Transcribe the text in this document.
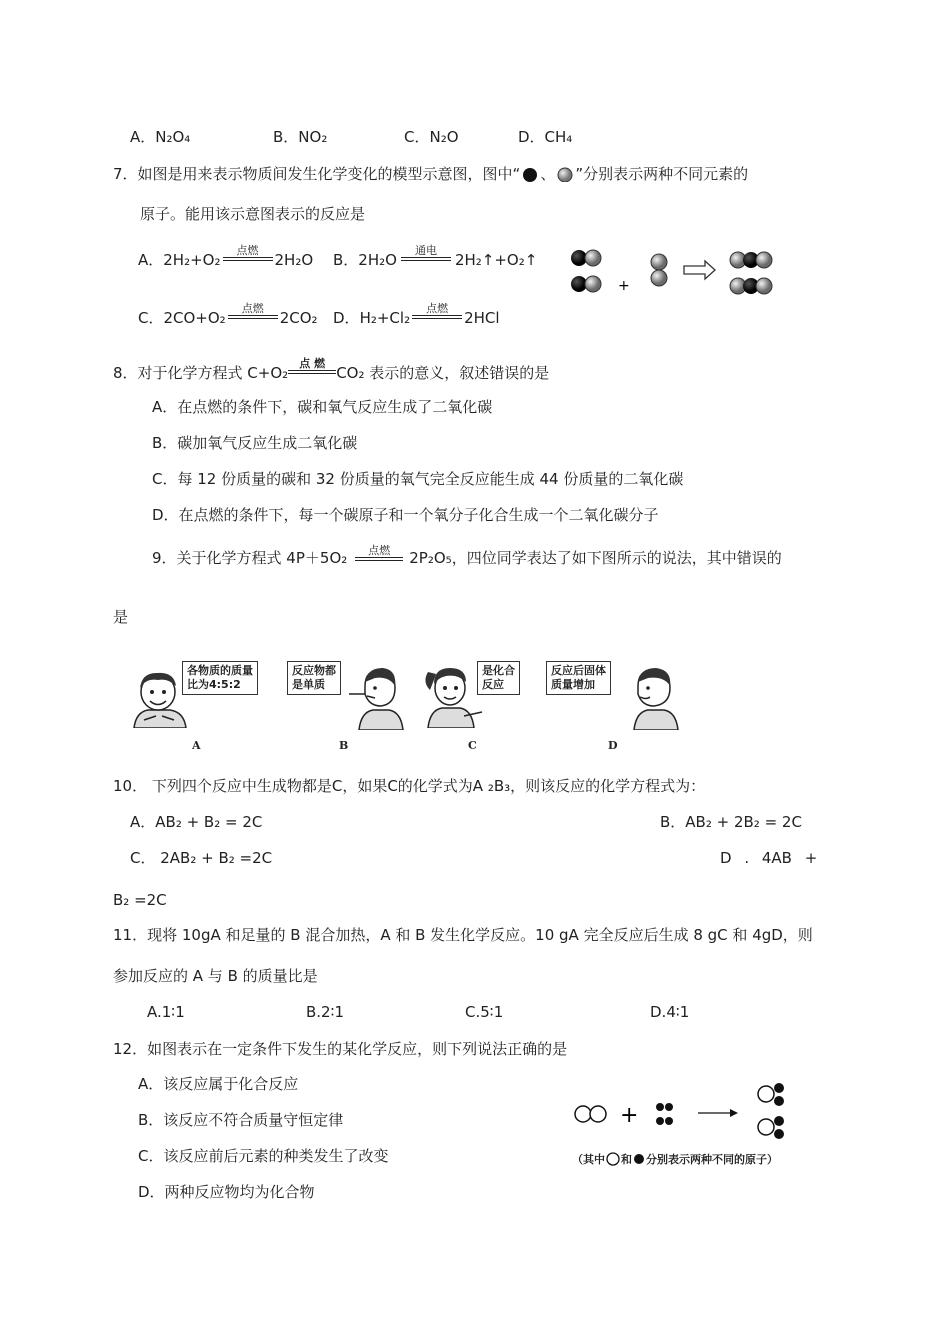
A．N₂O₄	B．NO₂	C．N₂O	D．CH₄
7．如图是用来表示物质间发生化学变化的模型示意图，图中“ 、 ”分别表示两种不同元素的
原子。能用该示意图表示的反应是
A．2H₂+O₂
点燃
2H₂O B．2H₂O
通电
2H₂↑+O₂↑
C．2CO+O₂
点燃
2CO₂ D．H₂+Cl₂
点燃
2HCl
+
8．对于化学方程式 C+O₂
点 燃
CO₂ 表示的意义，叙述错误的是
A．在点燃的条件下，碳和氧气反应生成了二氧化碳
B．碳加氧气反应生成二氧化碳
C．每 12 份质量的碳和 32 份质量的氧气完全反应能生成 44 份质量的二氧化碳
D．在点燃的条件下，每一个碳原子和一个氧分子化合生成一个二氧化碳分子
9．关于化学方程式 4P＋5O₂	点燃	2P₂O₅，四位同学表达了如下图所示的说法，其中错误的
是
各物质的质量
比为4:5:2
A
反应物都
是单质
B
是化合
反应
C
反应后固体
质量增加
D
10． 下列四个反应中生成物都是C，如果C的化学式为A ₂B₃，则该反应的化学方程式为：
A．AB₂ + B₂ = 2C	B．AB₂ + 2B₂ = 2C
C． 2AB₂ + B₂ =2C	D . 4AB +
B₂ =2C
11．现将 10gA 和足量的 B 混合加热，A 和 B 发生化学反应。10 gA 完全反应后生成 8 gC 和 4gD，则
参加反应的 A 与 B 的质量比是
A.1∶1	B.2∶1	C.5∶1	D.4∶1
12．如图表示在一定条件下发生的某化学反应，则下列说法正确的是
A．该反应属于化合反应
B．该反应不符合质量守恒定律
C．该反应前后元素的种类发生了改变
D．两种反应物均为化合物
+
（其中 和 分别表示两种不同的原子）
